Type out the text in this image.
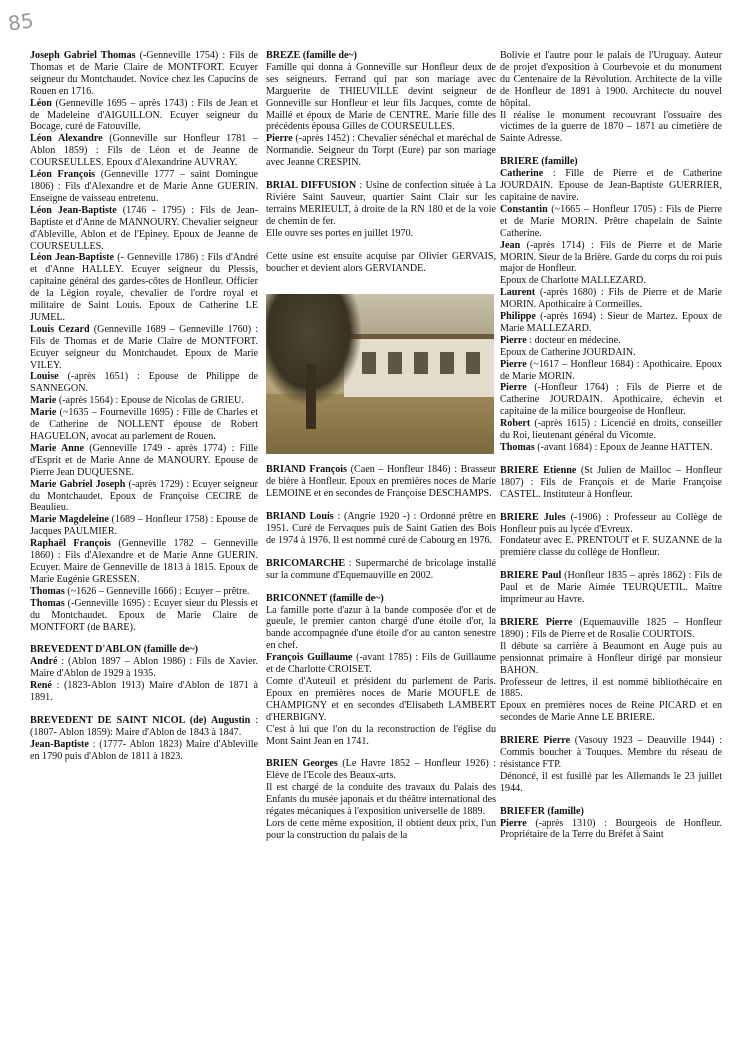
85

Joseph Gabriel Thomas (-Genneville 1754) : Fils de Thomas et de Marie Claire de MONTFORT. Ecuyer seigneur du Montchaudet. Novice chez les Capucins de Rouen en 1716.

Léon (Genneville 1695 – après 1743) : Fils de Jean et de Madeleine d'AIGUILLON. Ecuyer seigneur du Bocage, curé de Fatouville.

Léon Alexandre (Gonneville sur Honfleur 1781 – Ablon 1859) : Fils de Léon et de Jeanne de COURSEULLES. Epoux d'Alexandrine AUVRAY.

Léon François (Genneville 1777 – saint Domingue 1806) : Fils d'Alexandre et de Marie Anne GUERIN. Enseigne de vaisseau entretenu.

Léon Jean-Baptiste (1746 - 1795) : Fils de Jean-Baptiste et d'Anne de MANNOURY. Chevalier seigneur d'Ableville, Ablon et de l'Epiney. Epoux de Jeanne de COURSEULLES.

Léon Jean-Baptiste (- Genneville 1786) : Fils d'André et d'Anne HALLEY. Ecuyer seigneur du Plessis, capitaine général des gardes-côtes de Honfleur. Officier de la Légion royale, chevalier de l'ordre royal et militaire de Saint Louis. Epoux de Catherine LE JUMEL.

Louis Cezard (Genneville 1689 – Genneville 1760) : Fils de Thomas et de Marie Claire de MONTFORT. Ecuyer seigneur du Montchaudet. Epoux de Marie VILEY.

Louise (-après 1651) : Epouse de Philippe de SANNEGON.

Marie (-après 1564) : Epouse de Nicolas de GRIEU.

Marie (~1635 – Fourneville 1695) : Fille de Charles et de Catherine de NOLLENT épouse de Robert HAGUELON, avocat au parlement de Rouen.

Marie Anne (Genneville 1749 - après 1774) : Fille d'Esprit et de Marie Anne de MANOURY. Epouse de Pierre Jean DUQUESNE.

Marie Gabriel Joseph (-après 1729) : Ecuyer seigneur du Montchaudet. Epoux de Françoise CECIRE de Beaulieu.

Marie Magdeleine (1689 – Honfleur 1758) : Epouse de Jacques PAULMIER.

Raphaël François (Genneville 1782 – Genneville 1860) : Fils d'Alexandre et de Marie Anne GUERIN. Ecuyer. Maire de Genneville de 1813 à 1815. Epoux de Marie Eugénie GRESSEN.

Thomas (~1626 – Genneville 1666) : Ecuyer – prêtre.

Thomas (-Genneville 1695) : Ecuyer sieur du Plessis et du Montchaudet. Epoux de Marie Claire de MONTFORT (de BARE).

BREVEDENT D'ABLON (famille de~)

André : (Ablon 1897 – Ablon 1986) : Fils de Xavier. Maire d'Ablon de 1929 à 1935.

René : (1823-Ablon 1913) Maire d'Ablon de 1871 à 1891.

BREVEDENT DE SAINT NICOL (de) Augustin : (1807- Ablon 1859): Maire d'Ablon de 1843 à 1847.

Jean-Baptiste : (1777- Ablon 1823) Maire d'Ableville en 1790 puis d'Ablon de 1811 à 1823.

BREZE (famille de~)

Famille qui donna à Gonneville sur Honfleur deux de ses seigneurs. Ferrand qui par son mariage avec Marguerite de THIEUVILLE devint seigneur de Gonneville sur Honfleur et leur fils Jacques, comte de Maillé et époux de Marie de CENTRE. Marie fille des précédents épousa Gilles de COURSEULLES.

Pierre (-après 1452) : Chevalier sénéchal et maréchal de Normandie. Seigneur du Torpt (Eure) par son mariage avec Jeanne CRESPIN.

BRIAL DIFFUSION : Usine de confection située à La Rivière Saint Sauveur, quartier Saint Clair sur les terrains MERIEULT, à droite de la RN 180 et de la voie de chemin de fer.

Elle ouvre ses portes en juillet 1970.

Cette usine est ensuite acquise par Olivier GERVAIS, boucher et devient alors GERVIANDE.

BRIAND François (Caen – Honfleur 1846) : Brasseur de bière à Honfleur. Epoux en premières noces de Marie LEMOINE et en secondes de Françoise DESCHAMPS.

BRIAND Louis : (Angrie 1920 -) : Ordonné prêtre en 1951. Curé de Fervaques puis de Saint Gatien des Bois de 1974 à 1976. Il est nommé curé de Cabourg en 1976.

BRICOMARCHE : Supermarché de bricolage installé sur la commune d'Equemauville en 2002.

BRICONNET (famille de~)

La famille porte d'azur à la bande composée d'or et de gueule, le premier canton chargé d'une étoile d'or, la bande accompagnée d'une étoile d'or au canton senestre en chef.

François Guillaume (-avant 1785) : Fils de Guillaume et de Charlotte CROISET.

Comte d'Auteuil et président du parlement de Paris. Epoux en premières noces de Marie MOUFLE de CHAMPIGNY et en secondes d'Elisabeth LAMBERT d'HERBIGNY.

C'est à lui que l'on du la reconstruction de l'église du Mont Saint Jean en 1741.

BRIEN Georges (Le Havre 1852 – Honfleur 1926) : Elève de l'Ecole des Beaux-arts.

Il est chargé de la conduite des travaux du Palais des Enfants du musée japonais et du théâtre international des régates mécaniques à l'exposition universelle de 1889.

Lors de cette même exposition, il obtient deux prix, l'un pour la construction du palais de la

Bolivie et l'autre pour le palais de l'Uruguay. Auteur de projet d'exposition à Courbevoie et du monument du Centenaire de la Révolution. Architecte de la ville de Honfleur de 1891 à 1900. Architecte du nouvel hôpital.

Il réalise le monument recouvrant l'ossuaire des victimes de la guerre de 1870 – 1871 au cimetière de Sainte Adresse.

BRIERE (famille)

Catherine : Fille de Pierre et de Catherine JOURDAIN. Epouse de Jean-Baptiste GUERRIER, capitaine de navire.

Constantin (~1665 – Honfleur 1705) : Fils de Pierre et de Marie MORIN. Prêtre chapelain de Sainte Catherine.

Jean (-après 1714) : Fils de Pierre et de Marie MORIN. Sieur de la Brière. Garde du corps du roi puis major de Honfleur.

Epoux de Charlotte MALLEZARD.

Laurent (-après 1680) : Fils de Pierre et de Marie MORIN. Apothicaire à Cormeilles.

Philippe (-après 1694) : Sieur de Martez. Epoux de Marie MALLEZARD.

Pierre : docteur en médecine.

Epoux de Catherine JOURDAIN.

Pierre (~1617 – Honfleur 1684) : Apothicaire. Epoux de Marie MORIN.

Pierre (-Honfleur 1764) : Fils de Pierre et de Catherine JOURDAIN. Apothicaire, échevin et capitaine de la milice bourgeoise de Honfleur.

Robert (-après 1615) : Licencié en droits, conseiller du Roi, lieutenant général du Vicomte.

Thomas (-avant 1684) : Epoux de Jeanne HATTEN.

BRIERE Etienne (St Julien de Mailloc – Honfleur 1807) : Fils de François et de Marie Françoise CASTEL. Instituteur à Honfleur.

BRIERE Jules (-1906) : Professeur au Collège de Honfleur puis au lycée d'Evreux.

Fondateur avec E. PRENTOUT et F. SUZANNE de la première classe du collège de Honfleur.

BRIERE Paul (Honfleur 1835 – après 1862) : Fils de Paul et de Marie Aimée TEURQUETIL. Maître imprimeur au Havre.

BRIERE Pierre (Equemauville 1825 – Honfleur 1890) : Fils de Pierre et de Rosalie COURTOIS.

Il débute sa carrière à Beaumont en Auge puis au pensionnat primaire à Honfleur dirigé par monsieur BAHON.

Professeur de lettres, il est nommé bibliothécaire en 1885.

Epoux en premières noces de Reine PICARD et en secondes de Marie Anne LE BRIERE.

BRIERE Pierre (Vasouy 1923 – Deauville 1944) : Commis boucher à Touques. Membre du réseau de résistance FTP.

Dénoncé, il est fusillé par les Allemands le 23 juillet 1944.

BRIEFER (famille)

Pierre (-après 1310) : Bourgeois de Honfleur. Propriétaire de la Terre du Bréfet à Saint
